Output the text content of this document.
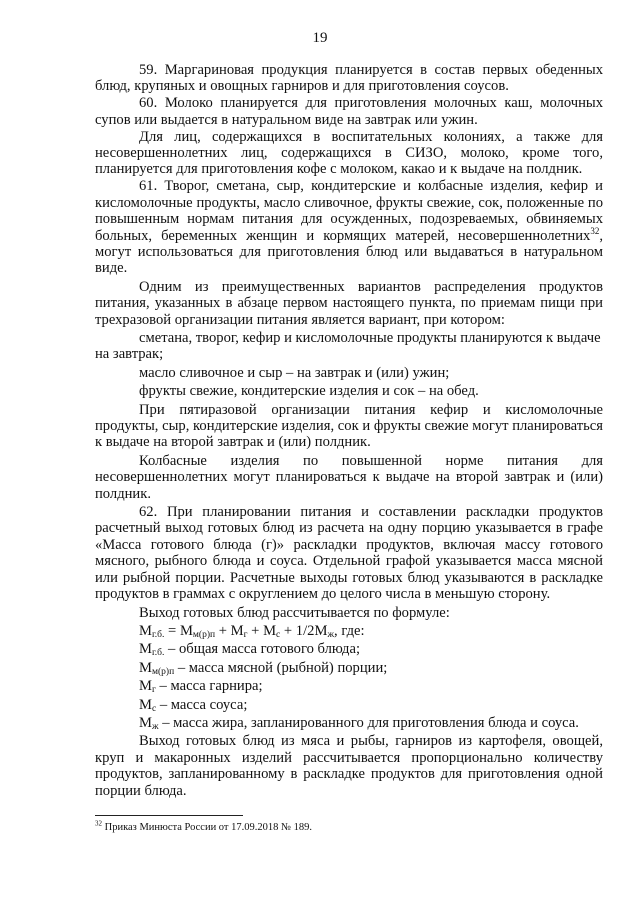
19

59. Маргариновая продукция планируется в состав первых обеденных блюд, крупяных и овощных гарниров и для приготовления соусов.

60. Молоко планируется для приготовления молочных каш, молочных супов или выдается в натуральном виде на завтрак или ужин.

Для лиц, содержащихся в воспитательных колониях, а также для несовершеннолетних лиц, содержащихся в СИЗО, молоко, кроме того, планируется для приготовления кофе с молоком, какао и к выдаче на полдник.

61. Творог, сметана, сыр, кондитерские и колбасные изделия, кефир и кисломолочные продукты, масло сливочное, фрукты свежие, сок, положенные по повышенным нормам питания для осужденных, подозреваемых, обвиняемых больных, беременных женщин и кормящих матерей, несовершеннолетних$^{32}$, могут использоваться для приготовления блюд или выдаваться в натуральном виде.

Одним из преимущественных вариантов распределения продуктов питания, указанных в абзаце первом настоящего пункта, по приемам пищи при трехразовой организации питания является вариант, при котором:

сметана, творог, кефир и кисломолочные продукты планируются к выдаче на завтрак;

масло сливочное и сыр – на завтрак и (или) ужин;

фрукты свежие, кондитерские изделия и сок – на обед.

При пятиразовой организации питания кефир и кисломолочные продукты, сыр, кондитерские изделия, сок и фрукты свежие могут планироваться к выдаче на второй завтрак и (или) полдник.

Колбасные изделия по повышенной норме питания для несовершеннолетних могут планироваться к выдаче на второй завтрак и (или) полдник.

62. При планировании питания и составлении раскладки продуктов расчетный выход готовых блюд из расчета на одну порцию указывается в графе «Масса готового блюда (г)» раскладки продуктов, включая массу готового мясного, рыбного блюда и соуса. Отдельной графой указывается масса мясной или рыбной порции. Расчетные выходы готовых блюд указываются в раскладке продуктов в граммах с округлением до целого числа в меньшую сторону.

Выход готовых блюд рассчитывается по формуле:

$М_{г.б.} = М_{м(р)п} + М_г + М_с + 1/2М_ж$, где:

$М_{г.б.}$ – общая масса готового блюда;

$М_{м(р)п}$ – масса мясной (рыбной) порции;

$М_г$ – масса гарнира;

$М_с$ – масса соуса;

$М_ж$ – масса жира, запланированного для приготовления блюда и соуса.

Выход готовых блюд из мяса и рыбы, гарниров из картофеля, овощей, круп и макаронных изделий рассчитывается пропорционально количеству продуктов, запланированному в раскладке продуктов для приготовления одной порции блюда.

$^{32}$ Приказ Минюста России от 17.09.2018 № 189.
